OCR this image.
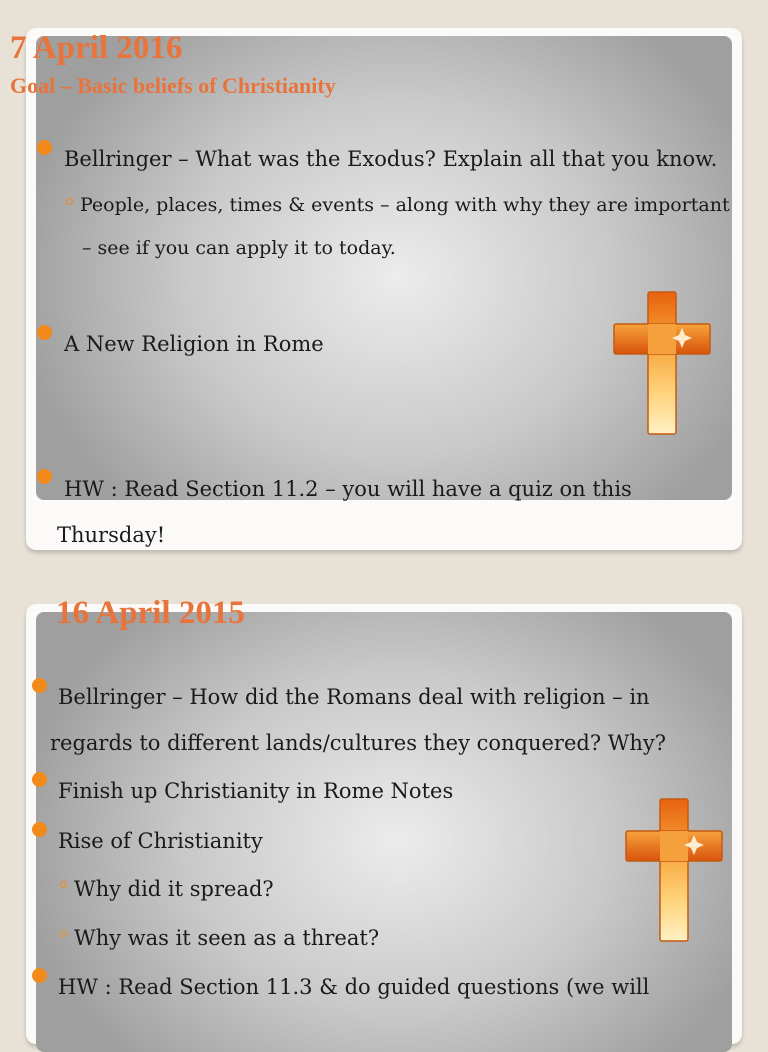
7 April 2016

Goal – Basic beliefs of Christianity

Bellringer – What was the Exodus? Explain all that you know.

People, places, times & events – along with why they are important

– see if you can apply it to today.

A New Religion in Rome

HW : Read Section 11.2 – you will have a quiz on this

Thursday!

16 April 2015

Bellringer – How did the Romans deal with religion – in

regards to different lands/cultures they conquered? Why?

Finish up Christianity in Rome Notes

Rise of Christianity

Why did it spread?

Why was it seen as a threat?

HW : Read Section 11.3 & do guided questions (we will
